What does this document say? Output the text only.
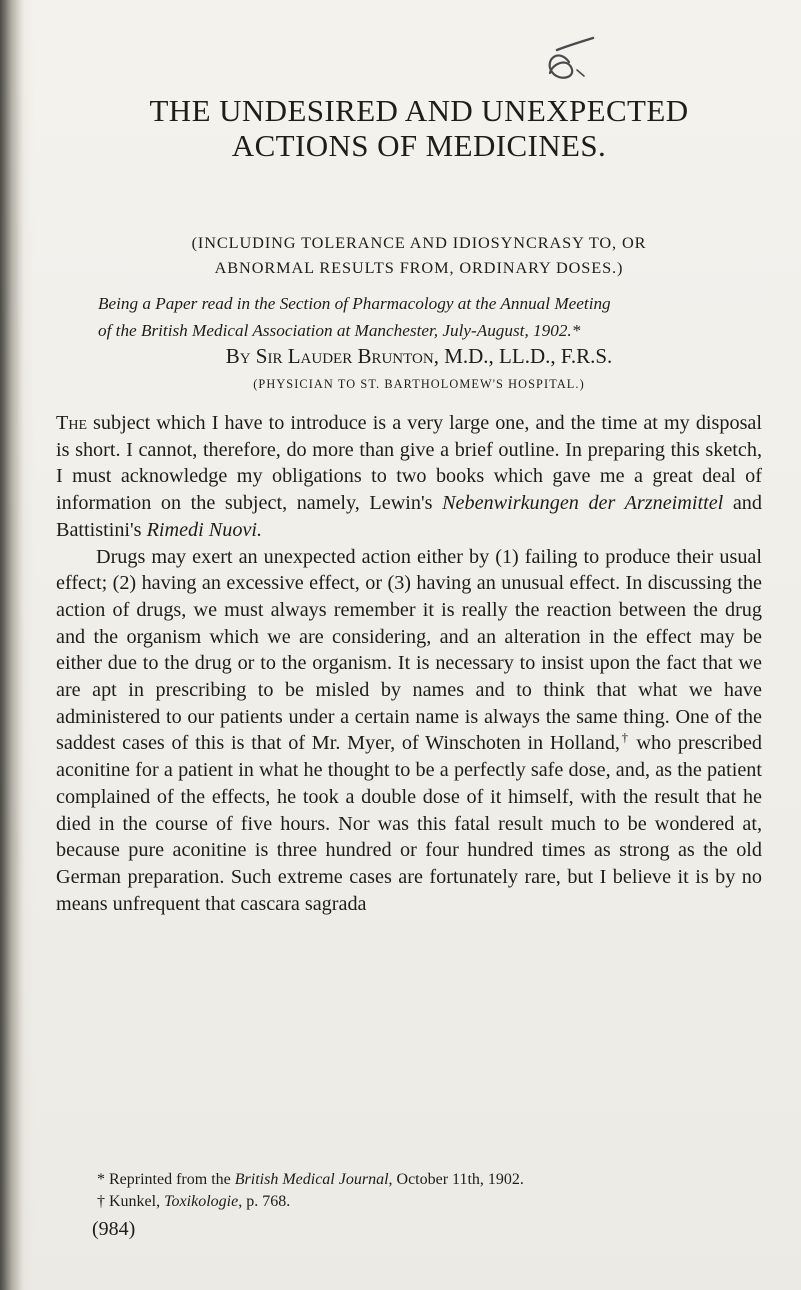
THE UNDESIRED AND UNEXPECTED
ACTIONS OF MEDICINES.
(INCLUDING TOLERANCE AND IDIOSYNCRASY TO, OR
ABNORMAL RESULTS FROM, ORDINARY DOSES.)
Being a Paper read in the Section of Pharmacology at the Annual Meeting
of the British Medical Association at Manchester, July-August, 1902.*
By Sir Lauder Brunton, M.D., LL.D., F.R.S.
(PHYSICIAN TO ST. BARTHOLOMEW'S HOSPITAL.)

The subject which I have to introduce is a very large one, and the time at my disposal is short. I cannot, therefore, do more than give a brief outline. In preparing this sketch, I must acknowledge my obligations to two books which gave me a great deal of information on the subject, namely, Lewin's Nebenwirkungen der Arzneimittel and Battistini's Rimedi Nuovi.

Drugs may exert an unexpected action either by (1) failing to produce their usual effect; (2) having an excessive effect, or (3) having an unusual effect. In discussing the action of drugs, we must always remember it is really the reaction between the drug and the organism which we are considering, and an alteration in the effect may be either due to the drug or to the organism. It is necessary to insist upon the fact that we are apt in prescribing to be misled by names and to think that what we have administered to our patients under a certain name is always the same thing. One of the saddest cases of this is that of Mr. Myer, of Winschoten in Holland,† who prescribed aconitine for a patient in what he thought to be a perfectly safe dose, and, as the patient complained of the effects, he took a double dose of it himself, with the result that he died in the course of five hours. Nor was this fatal result much to be wondered at, because pure aconitine is three hundred or four hundred times as strong as the old German preparation. Such extreme cases are fortunately rare, but I believe it is by no means unfrequent that cascara sagrada

* Reprinted from the British Medical Journal, October 11th, 1902.
† Kunkel, Toxikologie, p. 768.
(984)
